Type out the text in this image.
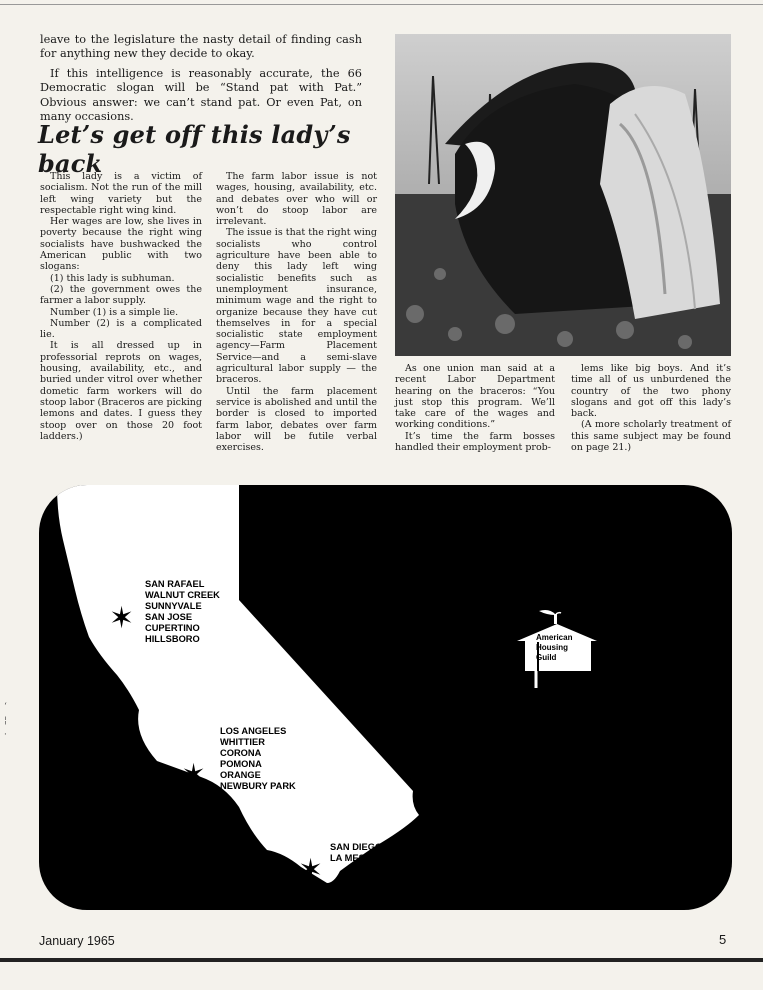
leave to the legislature the nasty detail of finding cash for anything new they decide to okay.

If this intelligence is reasonably accurate, the 66 Democratic slogan will be “Stand pat with Pat.” Obvious answer: we can’t stand pat. Or even Pat, on many occasions.

Let’s get off this lady’s back

This lady is a victim of socialism. Not the run of the mill left wing variety but the respectable right wing kind.

Her wages are low, she lives in poverty because the right wing socialists have bushwacked the American public with two slogans:

(1) this lady is subhuman.

(2) the government owes the farmer a labor supply.

Number (1) is a simple lie.

Number (2) is a complicated lie.

It is all dressed up in professorial reprots on wages, housing, availability, etc., and buried under vitrol over whether dometic farm workers will do stoop labor (Braceros are picking lemons and dates. I guess they stoop over on those 20 foot ladders.)

The farm labor issue is not wages, housing, availability, etc. and debates over who will or won’t do stoop labor are irrelevant.

The issue is that the right wing socialists who control agriculture have been able to deny this lady left wing socialistic benefits such as unemployment insurance, minimum wage and the right to organize because they have cut themselves in for a special socialistic state employment agency—Farm Placement Service—and a semi-slave agricultural labor supply — the braceros.

Until the farm placement service is abolished and until the border is closed to imported farm labor, debates over farm labor will be futile verbal exercises.

As one union man said at a recent Labor Department hearing on the braceros: “You just stop this program. We’ll take care of the wages and working conditions.”

It’s time the farm bosses handled their employment prob-

lems like big boys. And it’s time all of us unburdened the country of the two phony slogans and got off this lady’s back.

(A more scholarly treatment of this same subject may be found on page 21.)

SAN RAFAEL
WALNUT CREEK
SUNNYVALE
SAN JOSE
CUPERTINO
HILLSBORO
✶
LOS ANGELES
WHITTIER
CORONA
POMONA
ORANGE
NEWBURY PARK
✶
SAN DIEGO
LA MESA
✶
American
Housing
Guild
‘
¦
·
January 1965	5
